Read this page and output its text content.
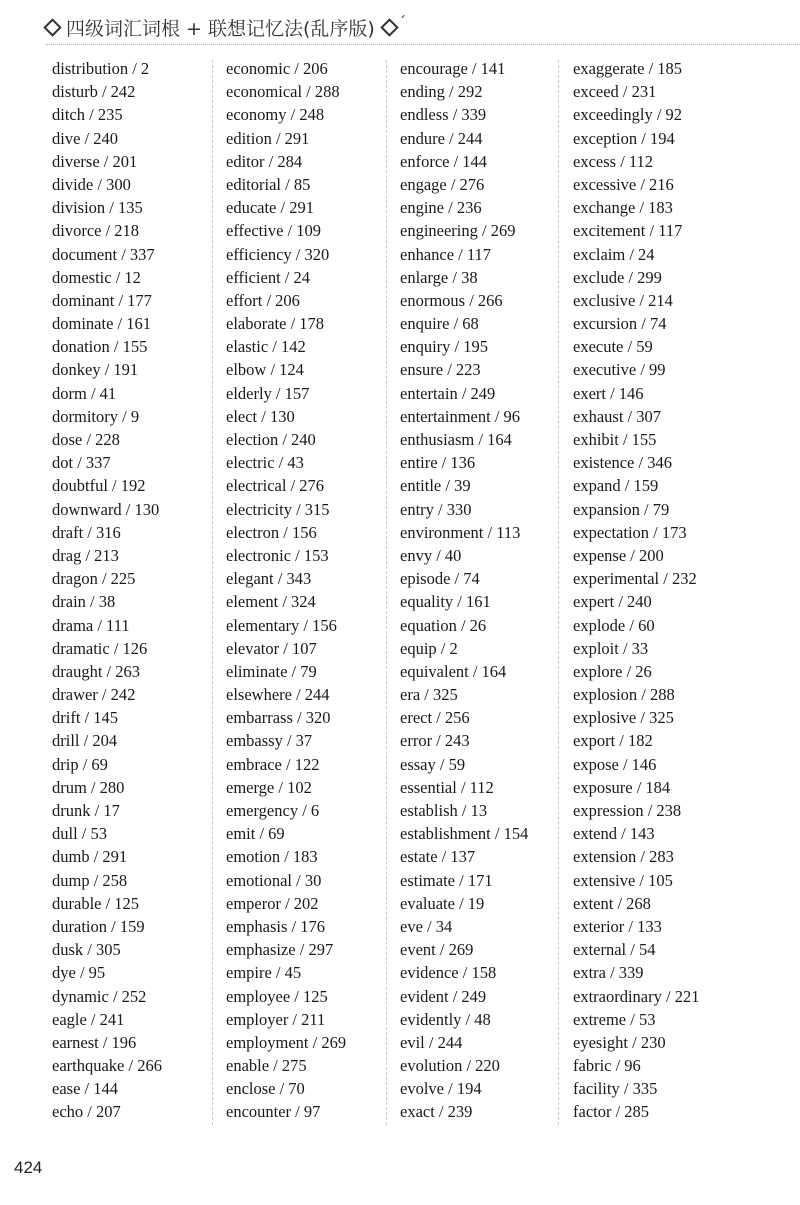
四级词汇词根 + 联想记忆法(乱序版) ´
distribution / 2
disturb / 242
ditch / 235
dive / 240
diverse / 201
divide / 300
division / 135
divorce / 218
document / 337
domestic / 12
dominant / 177
dominate / 161
donation / 155
donkey / 191
dorm / 41
dormitory / 9
dose / 228
dot / 337
doubtful / 192
downward / 130
draft / 316
drag / 213
dragon / 225
drain / 38
drama / 111
dramatic / 126
draught / 263
drawer / 242
drift / 145
drill / 204
drip / 69
drum / 280
drunk / 17
dull / 53
dumb / 291
dump / 258
durable / 125
duration / 159
dusk / 305
dye / 95
dynamic / 252
eagle / 241
earnest / 196
earthquake / 266
ease / 144
echo / 207
economic / 206
economical / 288
economy / 248
edition / 291
editor / 284
editorial / 85
educate / 291
effective / 109
efficiency / 320
efficient / 24
effort / 206
elaborate / 178
elastic / 142
elbow / 124
elderly / 157
elect / 130
election / 240
electric / 43
electrical / 276
electricity / 315
electron / 156
electronic / 153
elegant / 343
element / 324
elementary / 156
elevator / 107
eliminate / 79
elsewhere / 244
embarrass / 320
embassy / 37
embrace / 122
emerge / 102
emergency / 6
emit / 69
emotion / 183
emotional / 30
emperor / 202
emphasis / 176
emphasize / 297
empire / 45
employee / 125
employer / 211
employment / 269
enable / 275
enclose / 70
encounter / 97
encourage / 141
ending / 292
endless / 339
endure / 244
enforce / 144
engage / 276
engine / 236
engineering / 269
enhance / 117
enlarge / 38
enormous / 266
enquire / 68
enquiry / 195
ensure / 223
entertain / 249
entertainment / 96
enthusiasm / 164
entire / 136
entitle / 39
entry / 330
environment / 113
envy / 40
episode / 74
equality / 161
equation / 26
equip / 2
equivalent / 164
era / 325
erect / 256
error / 243
essay / 59
essential / 112
establish / 13
establishment / 154
estate / 137
estimate / 171
evaluate / 19
eve / 34
event / 269
evidence / 158
evident / 249
evidently / 48
evil / 244
evolution / 220
evolve / 194
exact / 239
exaggerate / 185
exceed / 231
exceedingly / 92
exception / 194
excess / 112
excessive / 216
exchange / 183
excitement / 117
exclaim / 24
exclude / 299
exclusive / 214
excursion / 74
execute / 59
executive / 99
exert / 146
exhaust / 307
exhibit / 155
existence / 346
expand / 159
expansion / 79
expectation / 173
expense / 200
experimental / 232
expert / 240
explode / 60
exploit / 33
explore / 26
explosion / 288
explosive / 325
export / 182
expose / 146
exposure / 184
expression / 238
extend / 143
extension / 283
extensive / 105
extent / 268
exterior / 133
external / 54
extra / 339
extraordinary / 221
extreme / 53
eyesight / 230
fabric / 96
facility / 335
factor / 285
424
